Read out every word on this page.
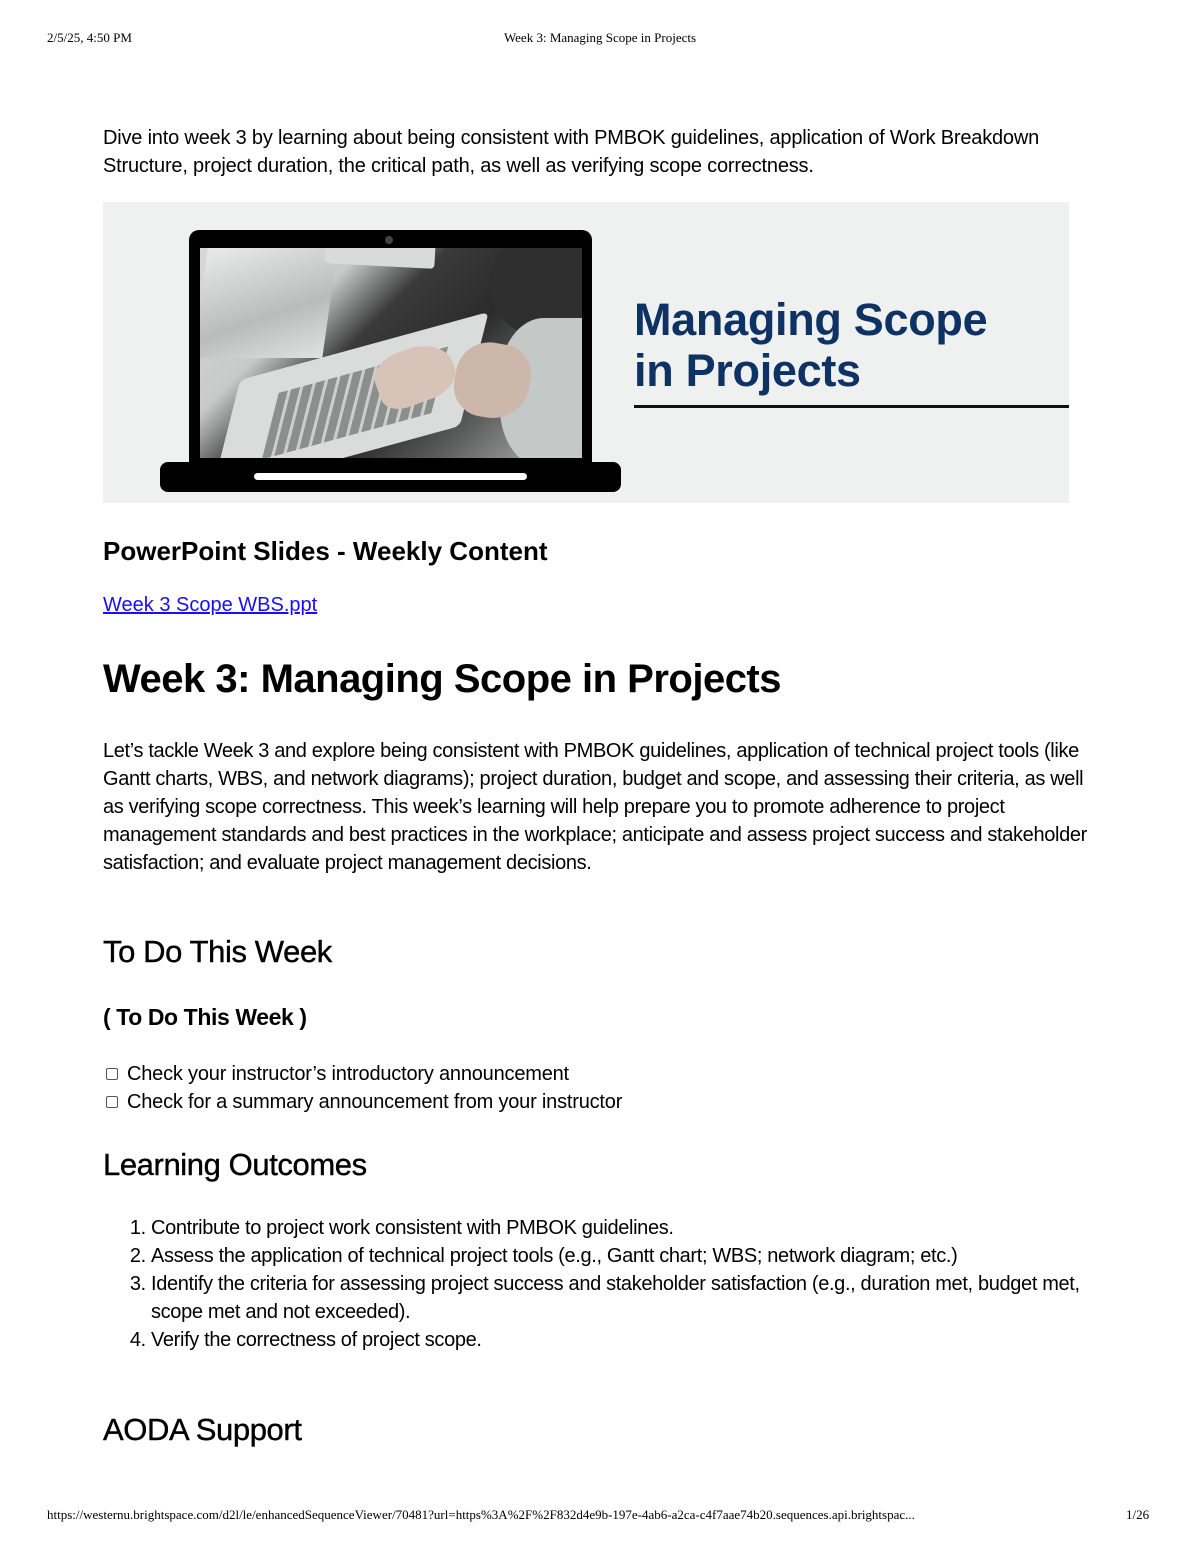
2/5/25, 4:50 PM	Week 3: Managing Scope in Projects

Dive into week 3 by learning about being consistent with PMBOK guidelines, application of Work Breakdown Structure, project duration, the critical path, as well as verifying scope correctness.

Managing Scope
in Projects
PowerPoint Slides - Weekly Content
Week 3 Scope WBS.ppt
Week 3: Managing Scope in Projects

Let’s tackle Week 3 and explore being consistent with PMBOK guidelines, application of technical project tools (like Gantt charts, WBS, and network diagrams); project duration, budget and scope, and assessing their criteria, as well as verifying scope correctness. This week’s learning will help prepare you to promote adherence to project management standards and best practices in the workplace; anticipate and assess project success and stakeholder satisfaction; and evaluate project management decisions.

To Do This Week
( To Do This Week )
Check your instructor’s introductory announcement
Check for a summary announcement from your instructor
Learning Outcomes
1. Contribute to project work consistent with PMBOK guidelines.
2. Assess the application of technical project tools (e.g., Gantt chart; WBS; network diagram; etc.)
3. Identify the criteria for assessing project success and stakeholder satisfaction (e.g., duration met, budget met, scope met and not exceeded).
4. Verify the correctness of project scope.
AODA Support
https://westernu.brightspace.com/d2l/le/enhancedSequenceViewer/70481?url=https%3A%2F%2F832d4e9b-197e-4ab6-a2ca-c4f7aae74b20.sequences.api.brightspac...	1/26
